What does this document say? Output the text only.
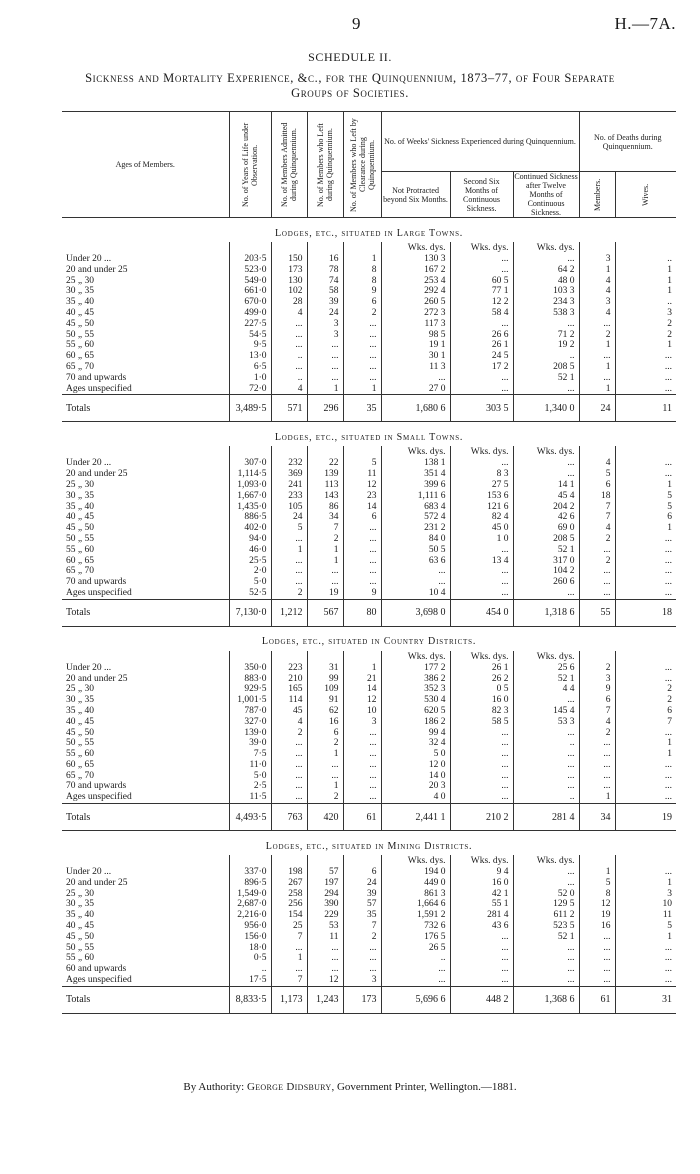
9	H.—7A.
SCHEDULE II.
Sickness and Mortality Experience, &c., for the Quinquennium, 1873–77, of Four Separate
Groups of Societies.
Ages of Members.	No. of Years of Life under Observation.	No. of Members Admitted during Quinquennium.	No. of Members who Left during Quinquennium.	No. of Members who Left by Clearance during Quinquennium.	No. of Weeks' Sickness Experienced during Quinquennium.			No. of Deaths during Quinquennium.	
					Not Protracted beyond Six Months.	Second Six Months of Continuous Sickness.	Continued Sickness after Twelve Months of Continuous Sickness.	Members.	Wives.

Lodges, etc., situated in Large Towns.									
					Wks. dys.	Wks. dys.	Wks. dys.		
Under 20 ...	203·5	150	16	1	130 3	...	...	3	..
20 and under 25	523·0	173	78	8	167 2	...	64 2	1	1
25 „ 30	549·0	130	74	8	253 4	60 5	48 0	4	1
30 „ 35	661·0	102	58	9	292 4	77 1	103 3	4	1
35 „ 40	670·0	28	39	6	260 5	12 2	234 3	3	..
40 „ 45	499·0	4	24	2	272 3	58 4	538 3	4	3
45 „ 50	227·5	...	3	...	117 3	...	...	...	2
50 „ 55	54·5	...	3	...	98 5	26 6	71 2	2	2
55 „ 60	9·5	...	...	...	19 1	26 1	19 2	1	1
60 „ 65	13·0	..	...	...	30 1	24 5	..	...	...
65 „ 70	6·5	...	...	...	11 3	17 2	208 5	1	...
70 and upwards	1·0	..	...	...	...	...	52 1	...	...
Ages unspecified	72·0	4	1	1	27 0	...	...	1	...
Totals	3,489·5	571	296	35	1,680 6	303 5	1,340 0	24	11
Lodges, etc., situated in Small Towns.									
					Wks. dys.	Wks. dys.	Wks. dys.		
Under 20 ...	307·0	232	22	5	138 1	...	...	4	...
20 and under 25	1,114·5	369	139	11	351 4	8 3	...	5	...
25 „ 30	1,093·0	241	113	12	399 6	27 5	14 1	6	1
30 „ 35	1,667·0	233	143	23	1,111 6	153 6	45 4	18	5
35 „ 40	1,435·0	105	86	14	683 4	121 6	204 2	7	5
40 „ 45	886·5	24	34	6	572 4	82 4	42 6	7	6
45 „ 50	402·0	5	7	...	231 2	45 0	69 0	4	1
50 „ 55	94·0	...	2	...	84 0	1 0	208 5	2	...
55 „ 60	46·0	1	1	...	50 5	...	52 1	...	...
60 „ 65	25·5	...	1	...	63 6	13 4	317 0	2	...
65 „ 70	2·0	...	...	...	...	...	104 2	...	...
70 and upwards	5·0	...	...	...	...	...	260 6	...	...
Ages unspecified	52·5	2	19	9	10 4	...	...	...	...
Totals	7,130·0	1,212	567	80	3,698 0	454 0	1,318 6	55	18
Lodges, etc., situated in Country Districts.									
					Wks. dys.	Wks. dys.	Wks. dys.		
Under 20 ...	350·0	223	31	1	177 2	26 1	25 6	2	...
20 and under 25	883·0	210	99	21	386 2	26 2	52 1	3	...
25 „ 30	929·5	165	109	14	352 3	0 5	4 4	9	2
30 „ 35	1,001·5	114	91	12	530 4	16 0	...	6	2
35 „ 40	787·0	45	62	10	620 5	82 3	145 4	7	6
40 „ 45	327·0	4	16	3	186 2	58 5	53 3	4	7
45 „ 50	139·0	2	6	...	99 4	...	...	2	...
50 „ 55	39·0	...	2	...	32 4	...	..	...	1
55 „ 60	7·5	...	1	...	5 0	...	...	...	1
60 „ 65	11·0	...	...	...	12 0	...	...	...	...
65 „ 70	5·0	...	...	...	14 0	...	...	...	...
70 and upwards	2·5	...	1	...	20 3	...	...	...	...
Ages unspecified	11·5	...	2	...	4 0	...	..	1	...
Totals	4,493·5	763	420	61	2,441 1	210 2	281 4	34	19
Lodges, etc., situated in Mining Districts.									
					Wks. dys.	Wks. dys.	Wks. dys.		
Under 20 ...	337·0	198	57	6	194 0	9 4	...	1	...
20 and under 25	896·5	267	197	24	449 0	16 0	...	5	1
25 „ 30	1,549·0	258	294	39	861 3	42 1	52 0	8	3
30 „ 35	2,687·0	256	390	57	1,664 6	55 1	129 5	12	10
35 „ 40	2,216·0	154	229	35	1,591 2	281 4	611 2	19	11
40 „ 45	956·0	25	53	7	732 6	43 6	523 5	16	5
45 „ 50	156·0	7	11	2	176 5	...	52 1	...	1
50 „ 55	18·0	...	...	...	26 5	...	...	...	...
55 „ 60	0·5	1	...	...	..	...	...	...	...
60 and upwards	..	...	...	...	...	...	...	...	...
Ages unspecified	17·5	7	12	3	...	...	...	...	...
Totals	8,833·5	1,173	1,243	173	5,696 6	448 2	1,368 6	61	31
By Authority: George Didsbury, Government Printer, Wellington.—1881.
